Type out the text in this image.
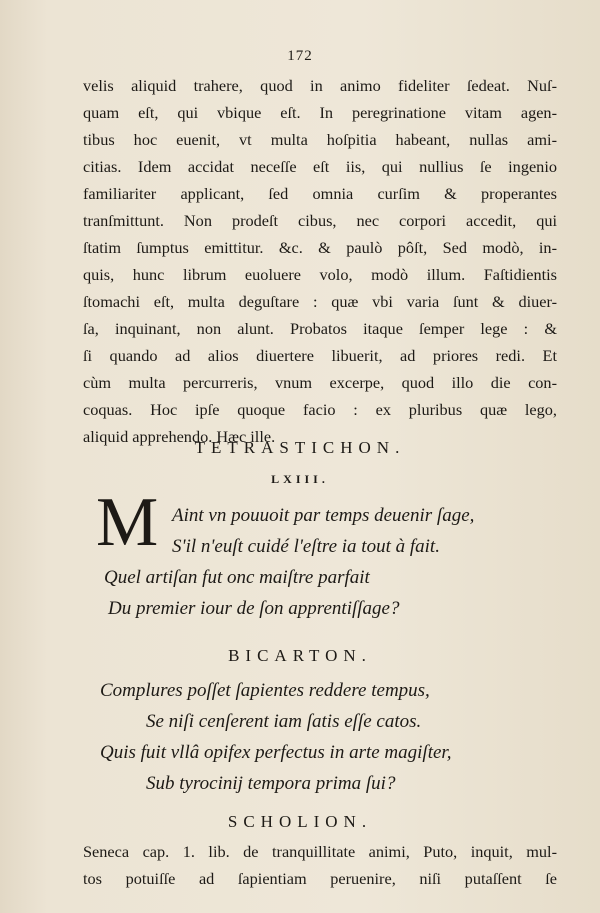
172
velis aliquid trahere, quod in animo fideliter ſedeat. Nuſ-
quam eſt, qui vbique eſt. In peregrinatione vitam agen-
tibus hoc euenit, vt multa hoſpitia habeant, nullas ami-
citias. Idem accidat neceſſe eſt iis, qui nullius ſe ingenio
familiariter applicant, ſed omnia curſim & properantes
tranſmittunt. Non prodeſt cibus, nec corpori accedit, qui
ſtatim ſumptus emittitur. &c. & paulò pôſt, Sed modò, in-
quis, hunc librum euoluere volo, modò illum. Faſtidientis
ſtomachi eſt, multa deguſtare : quæ vbi varia ſunt & diuer-
ſa, inquinant, non alunt. Probatos itaque ſemper lege : &
ſi quando ad alios diuertere libuerit, ad priores redi. Et
cùm multa percurreris, vnum excerpe, quod illo die con-
coquas. Hoc ipſe quoque facio : ex pluribus quæ lego,
aliquid apprehendo. Hæc ille.
TETRASTICHON.
LXIII.
M Aint vn pouuoit par temps deuenir ſage,
S'il n'euſt cuidé l'eſtre ia tout à fait.
Quel artiſan fut onc maiſtre parfait
Du premier iour de ſon apprentiſſage?
BICARTON.
Complures poſſet ſapientes reddere tempus,
Se niſi cenſerent iam ſatis eſſe catos.
Quis fuit vllâ opifex perfectus in arte magiſter,
Sub tyrocinij tempora prima ſui?
SCHOLION.
Seneca cap. 1. lib. de tranquillitate animi, Puto, inquit, mul-
tos potuiſſe ad ſapientiam peruenire, niſi putaſſent ſe
